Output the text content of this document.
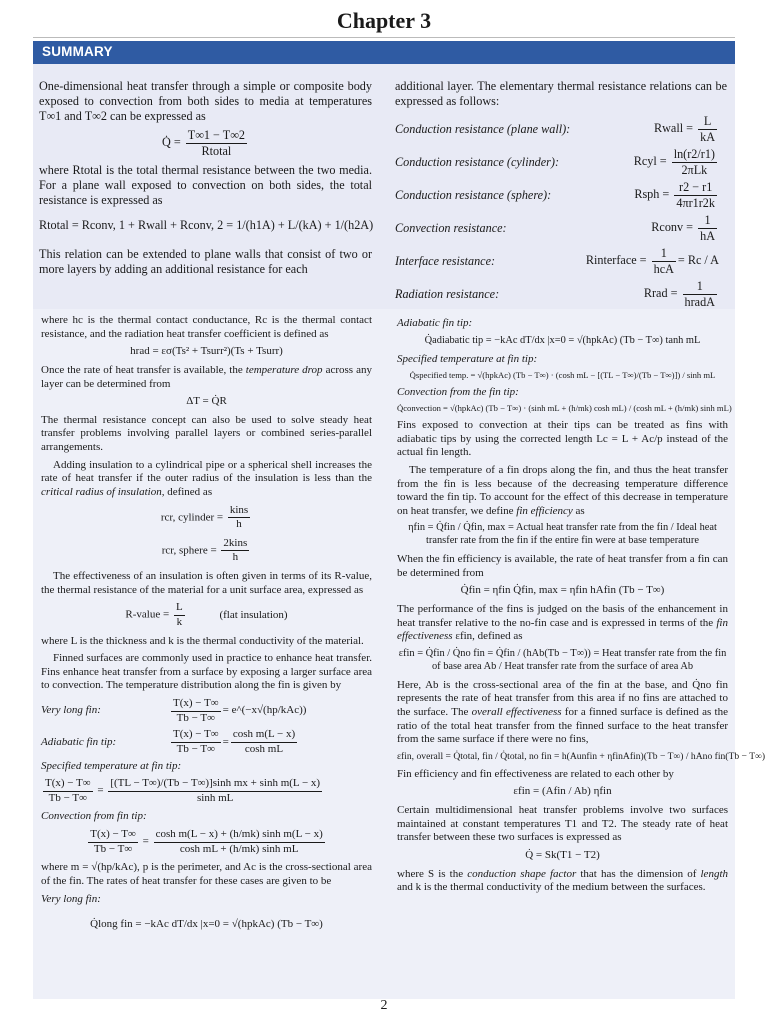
Chapter 3
SUMMARY

One-dimensional heat transfer through a simple or composite body exposed to convection from both sides to media at temperatures T∞1 and T∞2 can be expressed as

Q̇ = $\frac{T\infty 1 - T\infty 2}{\text{Rtotal}}$

where Rtotal is the total thermal resistance between the two media. For a plane wall exposed to convection on both sides, the total resistance is expressed as

Rtotal = Rconv, 1 + Rwall + Rconv, 2 = 1/(h1A) + L/(kA) + 1/(h2A)

This relation can be extended to plane walls that consist of two or more layers by adding an additional resistance for each

additional layer. The elementary thermal resistance relations can be expressed as follows:

Conduction resistance (plane wall):	Rwall = $\frac{L}{kA}$
Conduction resistance (cylinder):	Rcyl = $\frac{\ln(r2/r1)}{\text{2πLk}}$
Conduction resistance (sphere):	Rsph = $\frac{r2 - r1}{4\pi r1r2k}$
Convection resistance:	Rconv = $\frac{1}{hA}$
Interface resistance:	Rinterface = $\frac{1}{\text{hcA}} = Rc / A$
Radiation resistance:	Rrad = $\frac{1}{\text{hradA}}$

where hc is the thermal contact conductance, Rc is the thermal contact resistance, and the radiation heat transfer coefficient is defined as

hrad = εσ(Ts² + Tsurr²)(Ts + Tsurr)

Once the rate of heat transfer is available, the temperature drop across any layer can be determined from

ΔT = Q̇R

The thermal resistance concept can also be used to solve steady heat transfer problems involving parallel layers or combined series-parallel arrangements.

Adding insulation to a cylindrical pipe or a spherical shell increases the rate of heat transfer if the outer radius of the insulation is less than the critical radius of insulation, defined as

rcr, cylinder = $\frac{\text{kins}}{h}$
rcr, sphere = $\frac{\text{2kins}}{h}$

The effectiveness of an insulation is often given in terms of its R-value, the thermal resistance of the material for a unit surface area, expressed as

R-value = $\frac{L}{k}$	(flat insulation)

where L is the thickness and k is the thermal conductivity of the material.

Finned surfaces are commonly used in practice to enhance heat transfer. Fins enhance heat transfer from a surface by exposing a larger surface area to convection. The temperature distribution along the fin is given by

Very long fin:	$\frac{T(x) - T\infty}{Tb - T\infty}$ = e^(−x√(hp/kAc))
Adiabatic fin tip:	$\frac{T(x) - T\infty}{Tb - T\infty} = \frac{\text{cosh m(L − x)}}{\text{cosh mL}}$
Specified temperature at fin tip:
$\frac{T(x) - T\infty}{Tb - T\infty} = \frac{\text{[(TL − T∞)/(Tb − T∞)]sinh mx + sinh m(L − x)}}{\text{sinh mL}}$
Convection from fin tip:
$\frac{T(x) - T\infty}{Tb - T\infty} = \frac{\text{cosh m(L − x) + (h/mk) sinh m(L − x)}}{\text{cosh mL + (h/mk) sinh mL}}$

where m = √(hp/kAc), p is the perimeter, and Ac is the cross-sectional area of the fin. The rates of heat transfer for these cases are given to be

Very long fin:
Q̇long fin = −kAc dT/dx |x=0 = √(hpkAc) (Tb − T∞)
Adiabatic fin tip:
Q̇adiabatic tip = −kAc dT/dx |x=0 = √(hpkAc) (Tb − T∞) tanh mL
Specified temperature at fin tip:
Q̇specified temp. = √(hpkAc) (Tb − T∞) · (cosh mL − [(TL − T∞)/(Tb − T∞)]) / sinh mL
Convection from the fin tip:
Q̇convection = √(hpkAc) (Tb − T∞) · (sinh mL + (h/mk) cosh mL) / (cosh mL + (h/mk) sinh mL)

Fins exposed to convection at their tips can be treated as fins with adiabatic tips by using the corrected length Lc = L + Ac/p instead of the actual fin length.

The temperature of a fin drops along the fin, and thus the heat transfer from the fin is less because of the decreasing temperature difference toward the fin tip. To account for the effect of this decrease in temperature on heat transfer, we define fin efficiency as

ηfin = Q̇fin / Q̇fin, max = Actual heat transfer rate from the fin / Ideal heat transfer rate from the fin if the entire fin were at base temperature

When the fin efficiency is available, the rate of heat transfer from a fin can be determined from

Q̇fin = ηfin Q̇fin, max = ηfin hAfin (Tb − T∞)

The performance of the fins is judged on the basis of the enhancement in heat transfer relative to the no-fin case and is expressed in terms of the fin effectiveness εfin, defined as

εfin = Q̇fin / Q̇no fin = Q̇fin / (hAb(Tb − T∞)) = Heat transfer rate from the fin of base area Ab / Heat transfer rate from the surface of area Ab

Here, Ab is the cross-sectional area of the fin at the base, and Q̇no fin represents the rate of heat transfer from this area if no fins are attached to the surface. The overall effectiveness for a finned surface is defined as the ratio of the total heat transfer from the finned surface to the heat transfer from the same surface if there were no fins,

εfin, overall = Q̇total, fin / Q̇total, no fin = h(Aunfin + ηfinAfin)(Tb − T∞) / hAno fin(Tb − T∞)

Fin efficiency and fin effectiveness are related to each other by

εfin = (Afin / Ab) ηfin

Certain multidimensional heat transfer problems involve two surfaces maintained at constant temperatures T1 and T2. The steady rate of heat transfer between these two surfaces is expressed as

Q̇ = Sk(T1 − T2)

where S is the conduction shape factor that has the dimension of length and k is the thermal conductivity of the medium between the surfaces.

2
